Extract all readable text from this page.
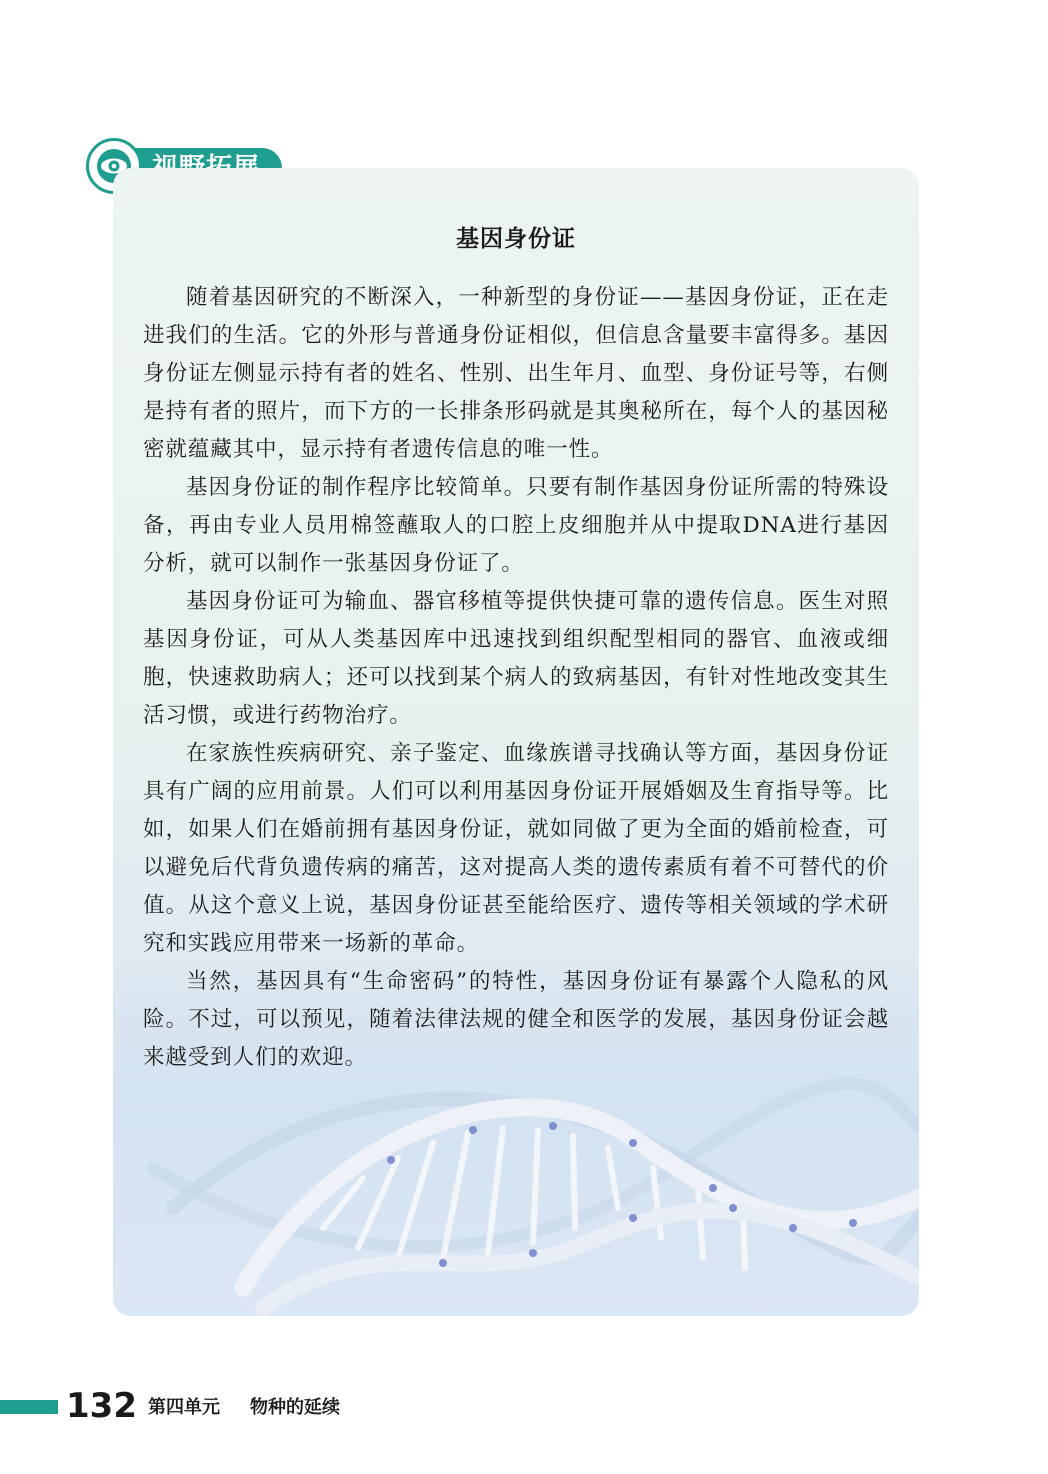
基因身份证

随着基因研究的不断深入，一种新型的身份证——基因身份证，正在走进我们的生活。它的外形与普通身份证相似，但信息含量要丰富得多。基因身份证左侧显示持有者的姓名、性别、出生年月、血型、身份证号等，右侧是持有者的照片，而下方的一长排条形码就是其奥秘所在，每个人的基因秘密就蕴藏其中，显示持有者遗传信息的唯一性。

基因身份证的制作程序比较简单。只要有制作基因身份证所需的特殊设备，再由专业人员用棉签蘸取人的口腔上皮细胞并从中提取DNA进行基因分析，就可以制作一张基因身份证了。

基因身份证可为输血、器官移植等提供快捷可靠的遗传信息。医生对照基因身份证，可从人类基因库中迅速找到组织配型相同的器官、血液或细胞，快速救助病人；还可以找到某个病人的致病基因，有针对性地改变其生活习惯，或进行药物治疗。

在家族性疾病研究、亲子鉴定、血缘族谱寻找确认等方面，基因身份证具有广阔的应用前景。人们可以利用基因身份证开展婚姻及生育指导等。比如，如果人们在婚前拥有基因身份证，就如同做了更为全面的婚前检查，可以避免后代背负遗传病的痛苦，这对提高人类的遗传素质有着不可替代的价值。从这个意义上说，基因身份证甚至能给医疗、遗传等相关领域的学术研究和实践应用带来一场新的革命。

当然，基因具有“生命密码”的特性，基因身份证有暴露个人隐私的风险。不过，可以预见，随着法律法规的健全和医学的发展，基因身份证会越来越受到人们的欢迎。

132 第四单元 物种的延续
